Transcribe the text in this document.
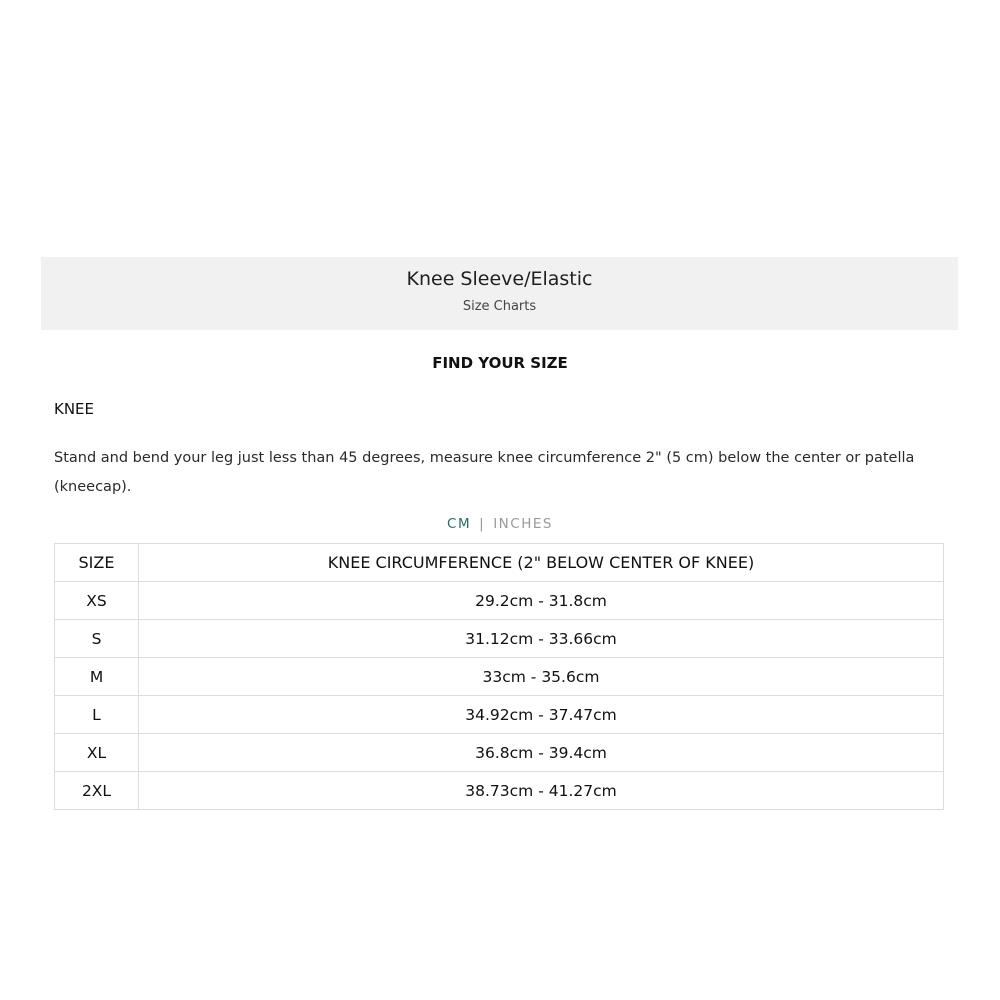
Knee Sleeve/Elastic
Size Charts
FIND YOUR SIZE
KNEE
Stand and bend your leg just less than 45 degrees, measure knee circumference 2" (5 cm) below the center or patella (kneecap).
CM | INCHES
SIZE	KNEE CIRCUMFERENCE (2" BELOW CENTER OF KNEE)
XS	29.2cm - 31.8cm
S	31.12cm - 33.66cm
M	33cm - 35.6cm
L	34.92cm - 37.47cm
XL	36.8cm - 39.4cm
2XL	38.73cm - 41.27cm
